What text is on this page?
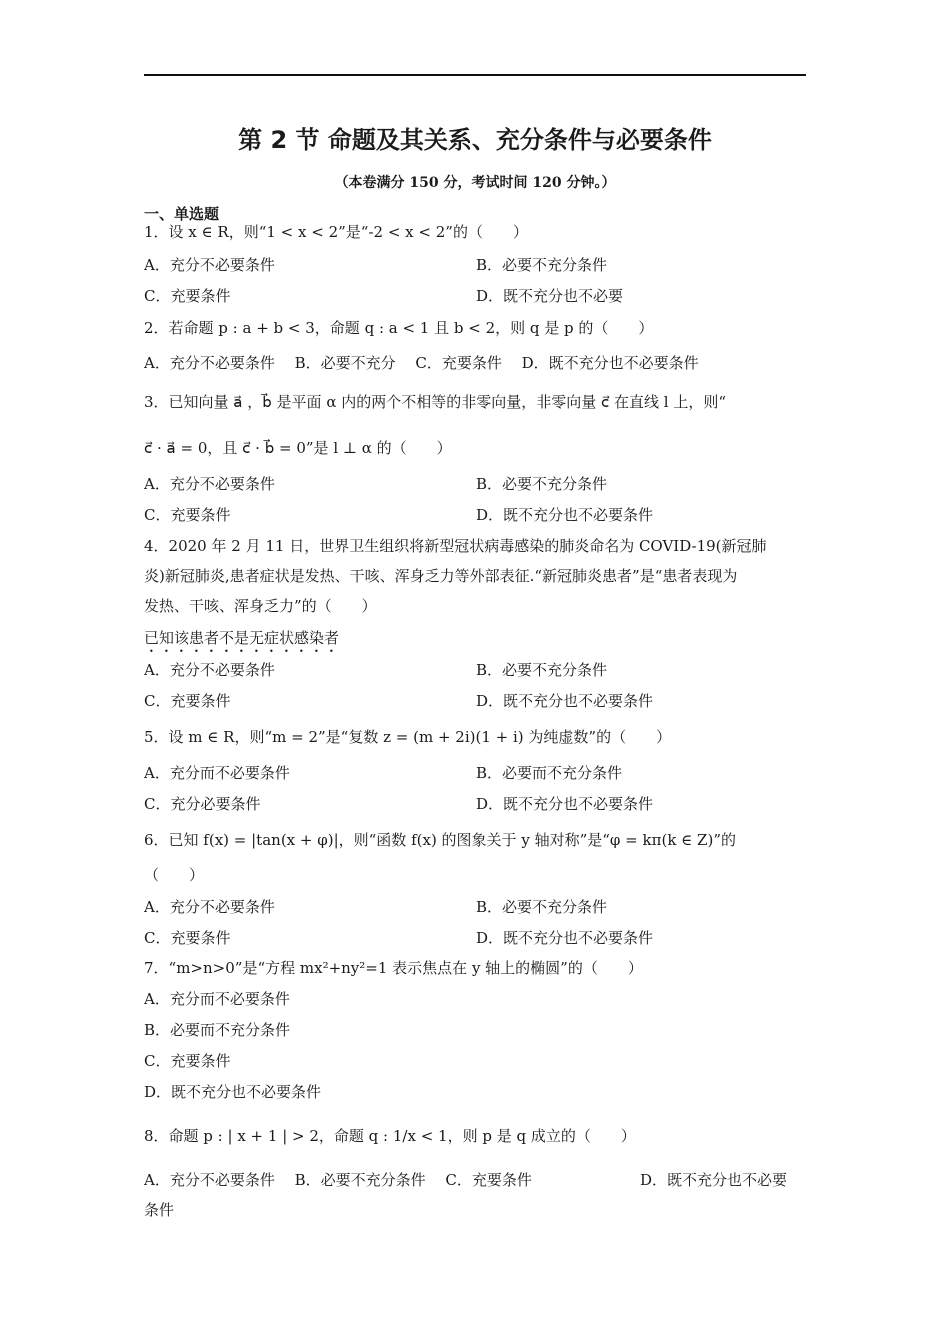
第 2 节 命题及其关系、充分条件与必要条件
（本卷满分 150 分，考试时间 120 分钟。）
一、单选题
1．设 x ∈ R，则“1 < x < 2”是“-2 < x < 2”的（　　）
A．充分不必要条件	B．必要不充分条件
C．充要条件	D．既不充分也不必要
2．若命题 p : a + b < 3，命题 q : a < 1 且 b < 2，则 q 是 p 的（　　）
A．充分不必要条件　 B．必要不充分　 C．充要条件　 D．既不充分也不必要条件
3．已知向量 a⃗ ，b⃗ 是平面 α 内的两个不相等的非零向量，非零向量 c⃗ 在直线 l 上，则“
c⃗ · a⃗ = 0，且 c⃗ · b⃗ = 0”是 l ⊥ α 的（　　）
A．充分不必要条件	B．必要不充分条件
C．充要条件	D．既不充分也不必要条件
4．2020 年 2 月 11 日，世界卫生组织将新型冠状病毒感染的肺炎命名为 COVID-19(新冠肺
炎)新冠肺炎,患者症状是发热、干咳、浑身乏力等外部表征.“新冠肺炎患者”是“患者表现为
发热、干咳、浑身乏力”的（　　）
已知该患者不是无症状感染者
A．充分不必要条件	B．必要不充分条件
C．充要条件	D．既不充分也不必要条件
5．设 m ∈ R，则“m = 2”是“复数 z = (m + 2i)(1 + i) 为纯虚数”的（　　）
A．充分而不必要条件	B．必要而不充分条件
C．充分必要条件	D．既不充分也不必要条件
6．已知 f(x) = |tan(x + φ)|，则“函数 f(x) 的图象关于 y 轴对称”是“φ = kπ(k ∈ Z)”的
（　　）
A．充分不必要条件	B．必要不充分条件
C．充要条件	D．既不充分也不必要条件
7．“m>n>0”是“方程 mx²+ny²=1 表示焦点在 y 轴上的椭圆”的（　　）
A．充分而不必要条件
B．必要而不充分条件
C．充要条件
D．既不充分也不必要条件
8．命题 p : | x + 1 | > 2，命题 q : 1/x < 1，则 p 是 q 成立的（　　）
A．充分不必要条件　 B．必要不充分条件　 C．充要条件	D．既不充分也不必要
条件
